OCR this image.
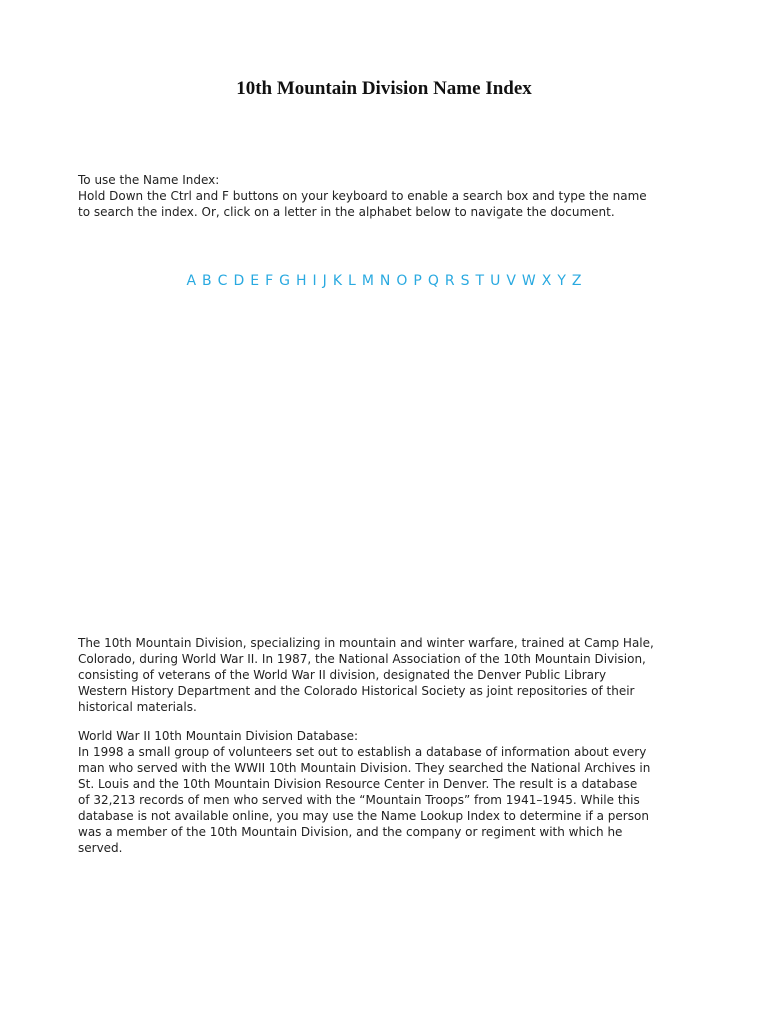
10th Mountain Division Name Index
To use the Name Index:
Hold Down the Ctrl and F buttons on your keyboard to enable a search box and type the name
to search the index. Or, click on a letter in the alphabet below to navigate the document.
A B C D E F G H I J K L M N O P Q R S T U V W X Y Z
The 10th Mountain Division, specializing in mountain and winter warfare, trained at Camp Hale,
Colorado, during World War II. In 1987, the National Association of the 10th Mountain Division,
consisting of veterans of the World War II division, designated the Denver Public Library
Western History Department and the Colorado Historical Society as joint repositories of their
historical materials.
World War II 10th Mountain Division Database:
In 1998 a small group of volunteers set out to establish a database of information about every
man who served with the WWII 10th Mountain Division. They searched the National Archives in
St. Louis and the 10th Mountain Division Resource Center in Denver. The result is a database
of 32,213 records of men who served with the “Mountain Troops” from 1941–1945. While this
database is not available online, you may use the Name Lookup Index to determine if a person
was a member of the 10th Mountain Division, and the company or regiment with which he
served.
